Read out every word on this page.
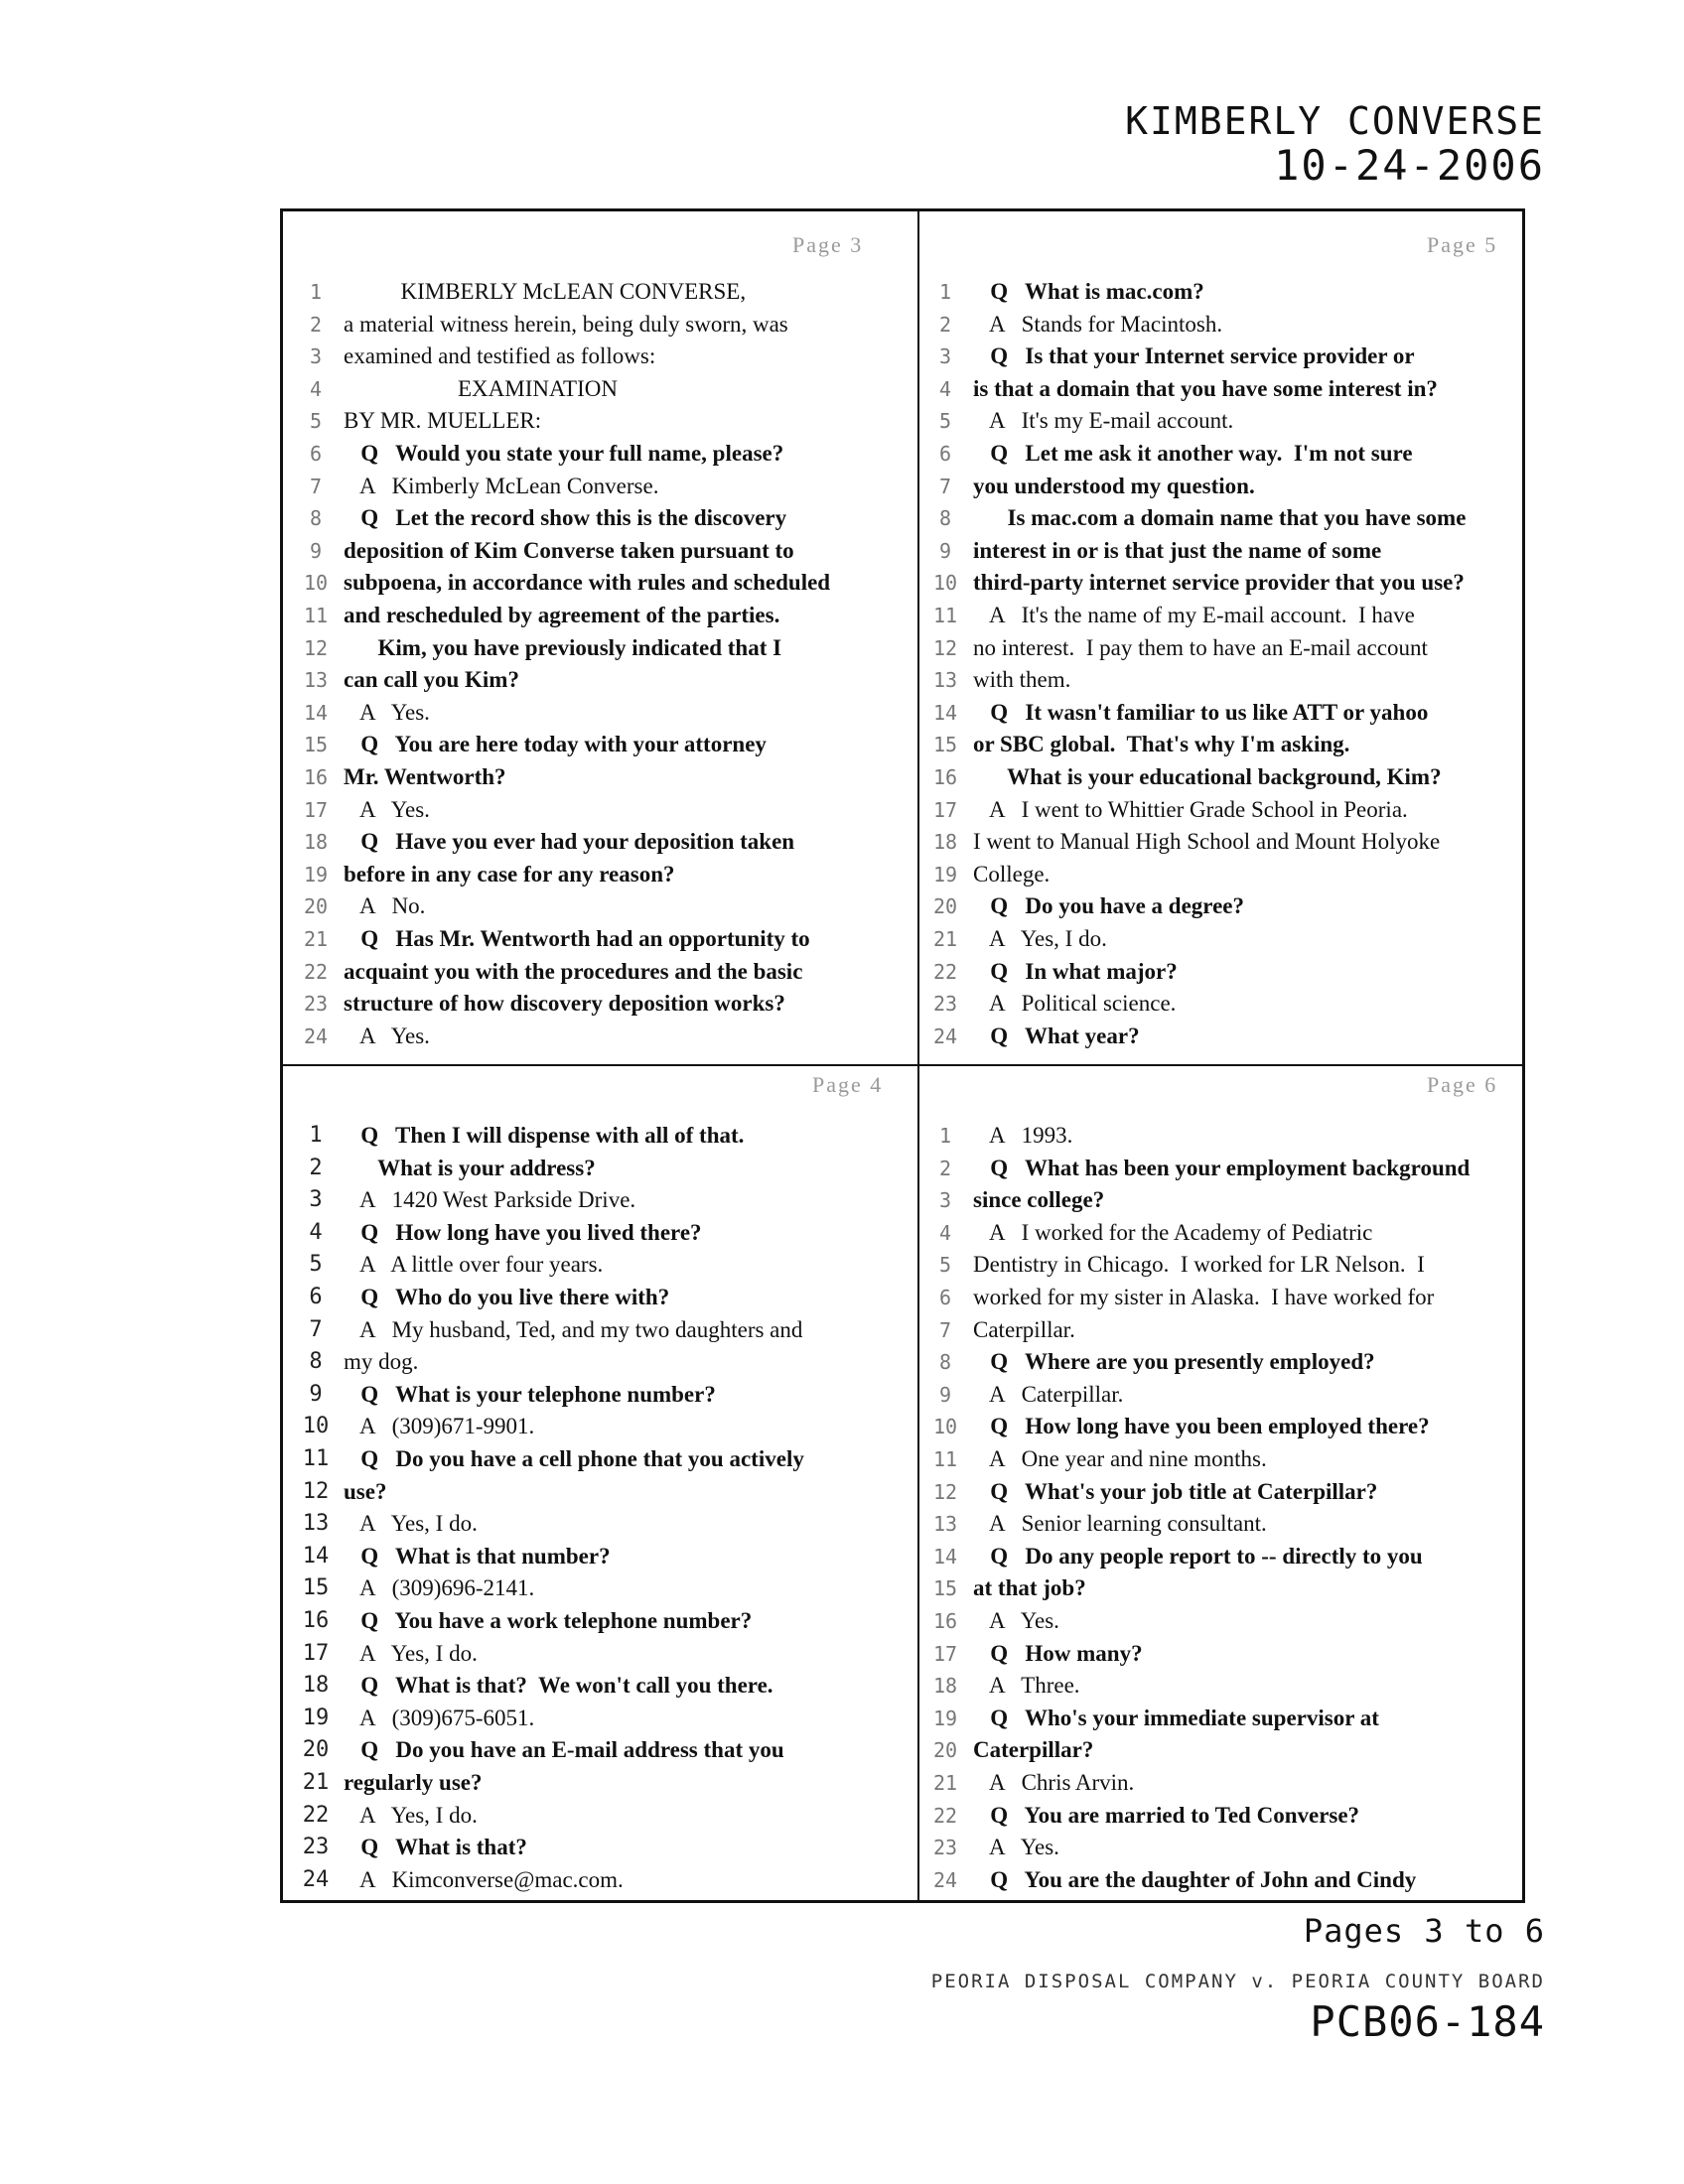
KIMBERLY CONVERSE
10-24-2006
Page 3
1 KIMBERLY McLEAN CONVERSE,
2 a material witness herein, being duly sworn, was
3 examined and testified as follows:
4 EXAMINATION
5 BY MR. MUELLER:
6 Q   Would you state your full name, please?
7 A   Kimberly McLean Converse.
8 Q   Let the record show this is the discovery
9 deposition of Kim Converse taken pursuant to
10 subpoena, in accordance with rules and scheduled
11 and rescheduled by agreement of the parties.
12 Kim, you have previously indicated that I
13 can call you Kim?
14 A   Yes.
15 Q   You are here today with your attorney
16 Mr. Wentworth?
17 A   Yes.
18 Q   Have you ever had your deposition taken
19 before in any case for any reason?
20 A   No.
21 Q   Has Mr. Wentworth had an opportunity to
22 acquaint you with the procedures and the basic
23 structure of how discovery deposition works?
24 A   Yes.
Page 5
1 Q   What is mac.com?
2 A   Stands for Macintosh.
3 Q   Is that your Internet service provider or
4 is that a domain that you have some interest in?
5 A   It's my E-mail account.
6 Q   Let me ask it another way.  I'm not sure
7 you understood my question.
8 Is mac.com a domain name that you have some
9 interest in or is that just the name of some
10 third-party internet service provider that you use?
11 A   It's the name of my E-mail account.  I have
12 no interest.  I pay them to have an E-mail account
13 with them.
14 Q   It wasn't familiar to us like ATT or yahoo
15 or SBC global.  That's why I'm asking.
16 What is your educational background, Kim?
17 A   I went to Whittier Grade School in Peoria.
18 I went to Manual High School and Mount Holyoke
19 College.
20 Q   Do you have a degree?
21 A   Yes, I do.
22 Q   In what major?
23 A   Political science.
24 Q   What year?
Page 4
1 Q   Then I will dispense with all of that.
2 What is your address?
3 A   1420 West Parkside Drive.
4 Q   How long have you lived there?
5 A   A little over four years.
6 Q   Who do you live there with?
7 A   My husband, Ted, and my two daughters and
8 my dog.
9 Q   What is your telephone number?
10 A   (309)671-9901.
11 Q   Do you have a cell phone that you actively
12 use?
13 A   Yes, I do.
14 Q   What is that number?
15 A   (309)696-2141.
16 Q   You have a work telephone number?
17 A   Yes, I do.
18 Q   What is that?  We won't call you there.
19 A   (309)675-6051.
20 Q   Do you have an E-mail address that you
21 regularly use?
22 A   Yes, I do.
23 Q   What is that?
24 A   Kimconverse@mac.com.
Page 6
1 A   1993.
2 Q   What has been your employment background
3 since college?
4 A   I worked for the Academy of Pediatric
5 Dentistry in Chicago.  I worked for LR Nelson.  I
6 worked for my sister in Alaska.  I have worked for
7 Caterpillar.
8 Q   Where are you presently employed?
9 A   Caterpillar.
10 Q   How long have you been employed there?
11 A   One year and nine months.
12 Q   What's your job title at Caterpillar?
13 A   Senior learning consultant.
14 Q   Do any people report to -- directly to you
15 at that job?
16 A   Yes.
17 Q   How many?
18 A   Three.
19 Q   Who's your immediate supervisor at
20 Caterpillar?
21 A   Chris Arvin.
22 Q   You are married to Ted Converse?
23 A   Yes.
24 Q   You are the daughter of John and Cindy
Pages 3 to 6
PEORIA DISPOSAL COMPANY v. PEORIA COUNTY BOARD
PCB06-184
